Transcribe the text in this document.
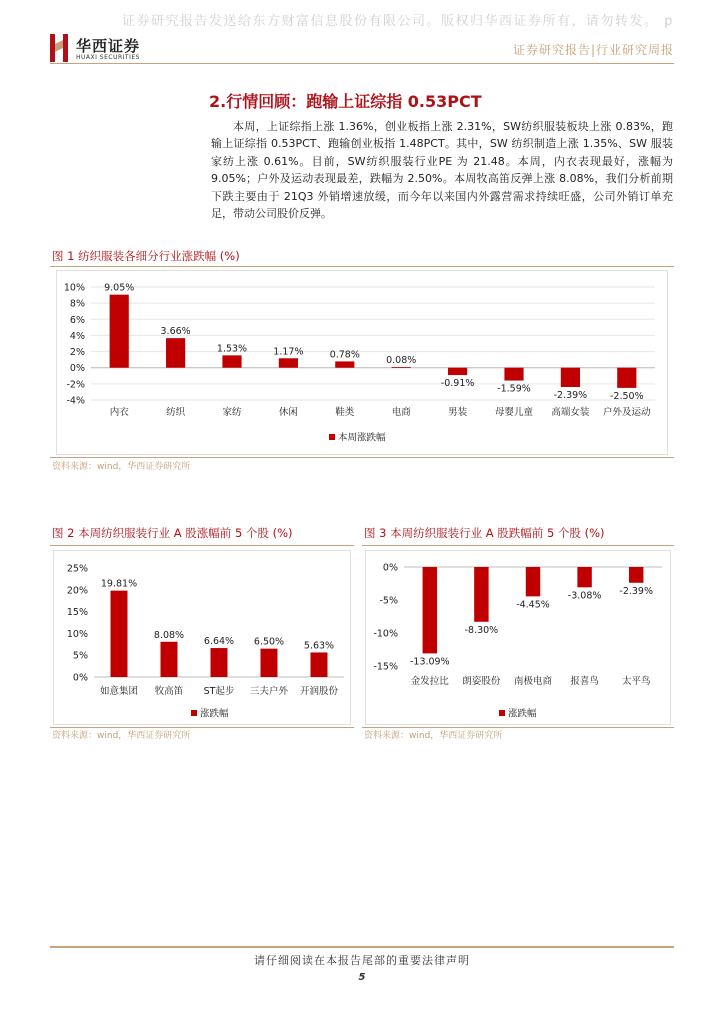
证券研究报告发送给东方财富信息股份有限公司。版权归华西证券所有，请勿转发。 p
华西证券
HUAXI SECURITIES
证券研究报告|行业研究周报
2.行情回顾：跑输上证综指 0.53PCT

本周，上证综指上涨 1.36%，创业板指上涨 2.31%，SW纺织服装板块上涨 0.83%，跑输上证综指 0.53PCT、跑输创业板指 1.48PCT。其中，SW 纺织制造上涨 1.35%、SW 服装家纺上涨 0.61%。目前，SW纺织服装行业PE 为 21.48。本周，内衣表现最好，涨幅为 9.05%；户外及运动表现最差，跌幅为 2.50%。本周牧高笛反弹上涨 8.08%，我们分析前期下跌主要由于 21Q3 外销增速放缓，而今年以来国内外露营需求持续旺盛，公司外销订单充足，带动公司股价反弹。

图 1 纺织服装各细分行业涨跌幅 (%)
-4%
-2%
0%
2%
4%
6%
8%
10% 9.05%
内衣
3.66%
纺织
1.53%
家纺
1.17%
休闲
0.78%
鞋类
0.08%
电商
-0.91%
男装
-1.59%
母婴儿童
-2.39%
高端女装
-2.50%
户外及运动
本周涨跌幅
资料来源：wind，华西证券研究所
图 2 本周纺织服装行业 A 股涨幅前 5 个股 (%)
0%
5%
10%
15%
20%
25%
19.81%
如意集团
8.08%
牧高笛
6.64%
ST起步
6.50%
三夫户外
5.63%
开润股份
涨跌幅
资料来源：wind，华西证券研究所
图 3 本周纺织服装行业 A 股跌幅前 5 个股 (%)
-15%
-10%
-5%
0%
-13.09%
金发拉比
-8.30%
朗姿股份
-4.45%
南极电商
-3.08%
报喜鸟
-2.39%
太平鸟
涨跌幅
资料来源：wind，华西证券研究所
请仔细阅读在本报告尾部的重要法律声明
5
